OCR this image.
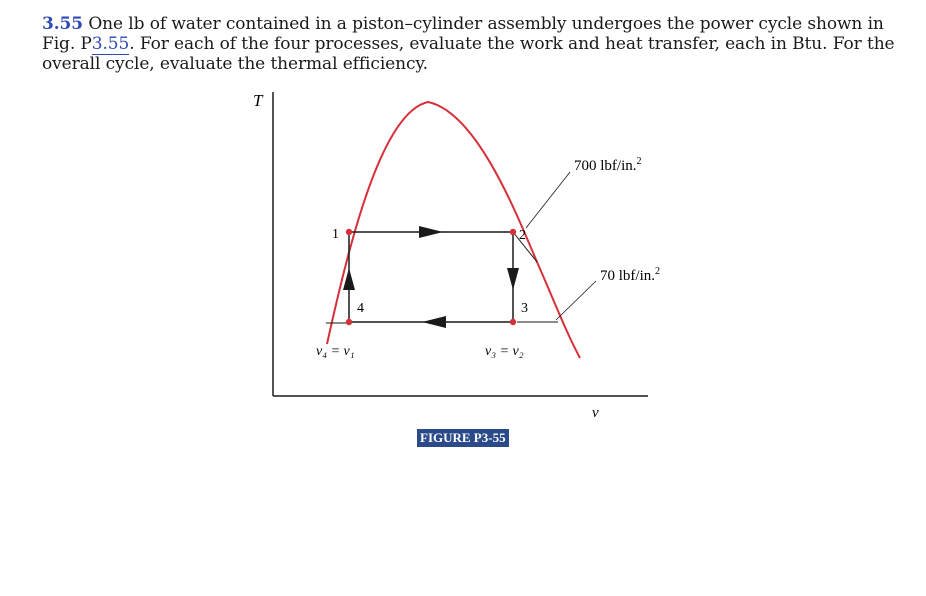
3.55 One lb of water contained in a piston–cylinder assembly undergoes the power cycle shown in Fig. P3.55. For each of the four processes, evaluate the work and heat transfer, each in Btu. For the overall cycle, evaluate the thermal efficiency.
T
v
700 lbf/in.$^2$
70 lbf/in.$^2$
1	2
3
4
v₄ = v₁	v₃ = v₂
FIGURE P3-55
